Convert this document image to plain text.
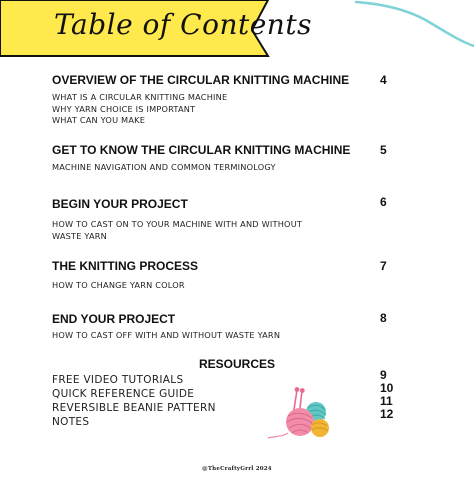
Table of Contents
OVERVIEW OF THE CIRCULAR KNITTING MACHINE
WHAT IS A CIRCULAR KNITTING MACHINE
WHY YARN CHOICE IS IMPORTANT
WHAT CAN YOU MAKE
4
GET TO KNOW THE CIRCULAR KNITTING MACHINE
MACHINE NAVIGATION AND COMMON TERMINOLOGY
5
BEGIN YOUR PROJECT
HOW TO CAST ON TO YOUR MACHINE WITH AND WITHOUT
WASTE YARN
6
THE KNITTING PROCESS
HOW TO CHANGE YARN COLOR
7
END YOUR PROJECT
HOW TO CAST OFF WITH AND WITHOUT WASTE YARN
8
RESOURCES
FREE VIDEO TUTORIALS
QUICK REFERENCE GUIDE
REVERSIBLE BEANIE PATTERN
NOTES
9
10
11
12
@TheCraftyGrrl 2024
